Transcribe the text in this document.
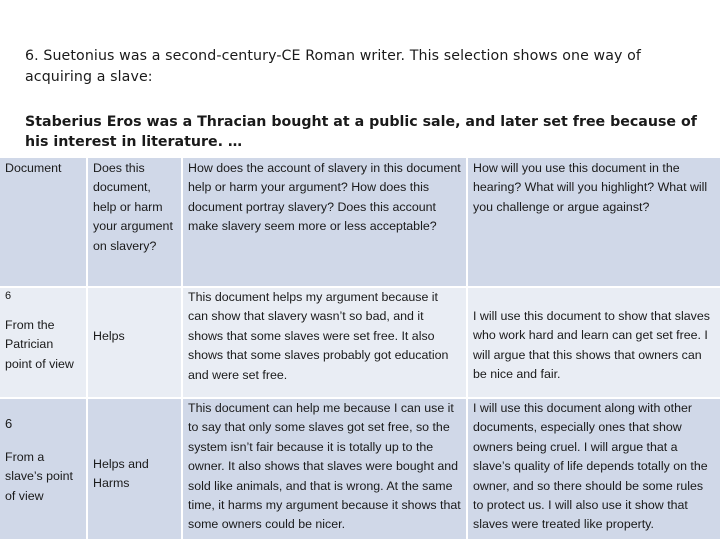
6. Suetonius was a second-century-CE Roman writer. This selection shows one way of acquiring a slave:
Staberius Eros was a Thracian bought at a public sale, and later set free because of his interest in literature. …
Document	Does this document, help or harm your argument on slavery?
How does the account of slavery in this document help or harm your argument? How does this document portray slavery? Does this account make slavery seem more or less acceptable?
How will you use this document in the hearing? What will you highlight? What will you challenge or argue against?
6
From the Patrician point of view
Helps
This document helps my argument because it can show that slavery wasn’t so bad, and it shows that some slaves were set free. It also shows that some slaves probably got education and were set free.
I will use this document to show that slaves who work hard and learn can get set free. I will argue that this shows that owners can be nice and fair.
6
From a slave’s point of view
Helps and Harms
This document can help me because I can use it to say that only some slaves got set free, so the system isn’t fair because it is totally up to the owner. It also shows that slaves were bought and sold like animals, and that is wrong. At the same time, it harms my argument because it shows that some owners could be nicer.
I will use this document along with other documents, especially ones that show owners being cruel. I will argue that a slave’s quality of life depends totally on the owner, and so there should be some rules to protect us. I will also use it show that slaves were treated like property.
